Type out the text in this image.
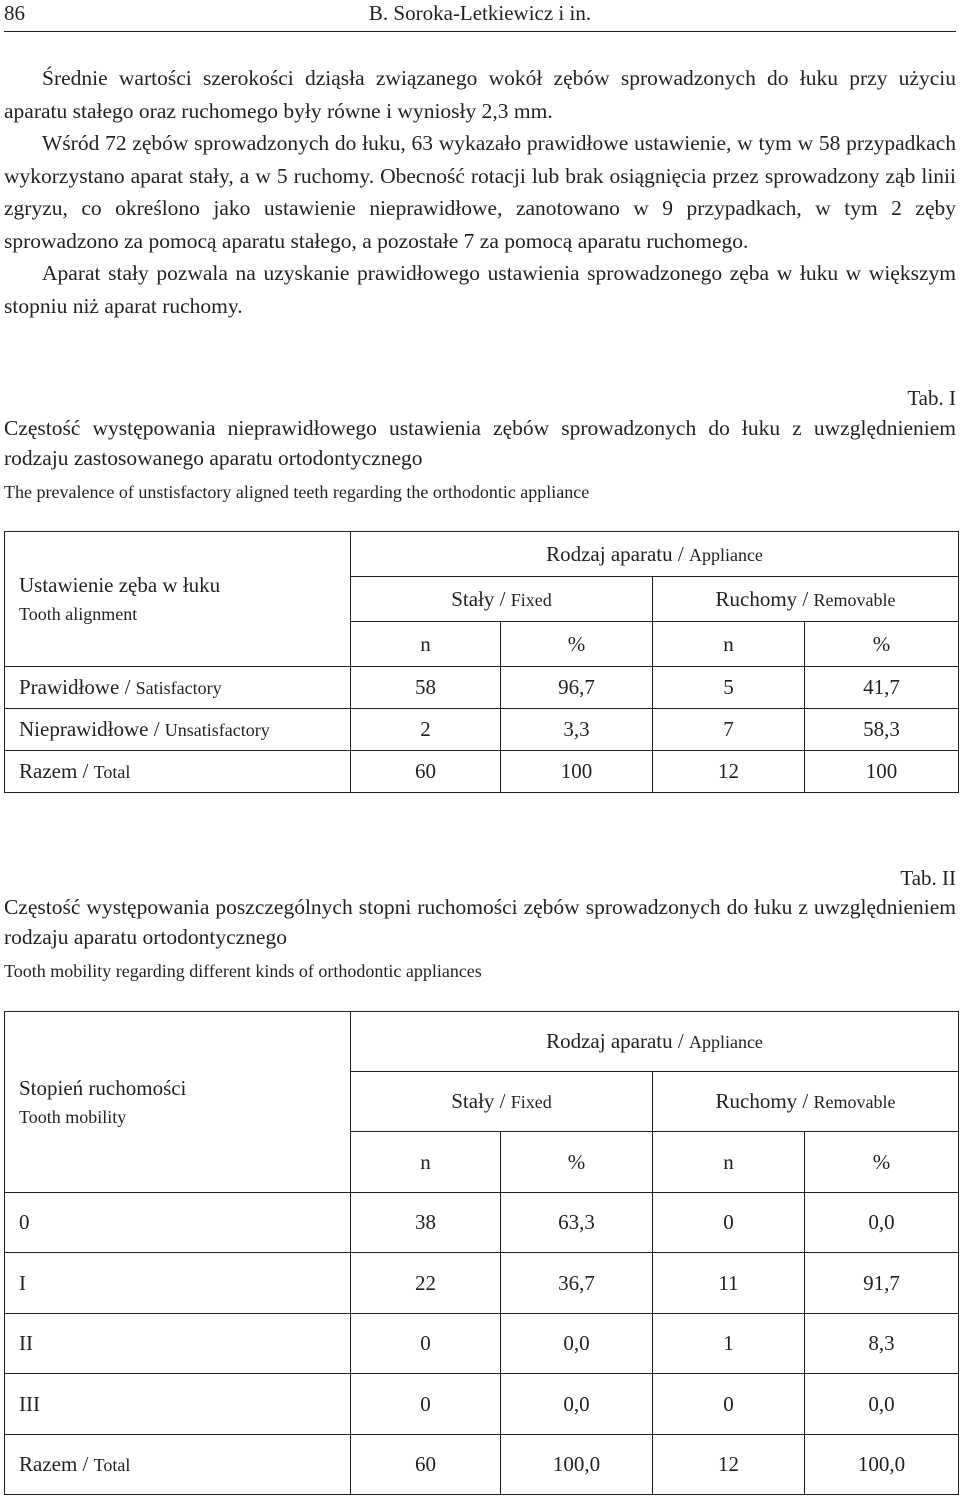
86	B. Soroka-Letkiewicz i in.

Średnie wartości szerokości dziąsła związanego wokół zębów sprowadzonych do łuku przy użyciu aparatu stałego oraz ruchomego były równe i wyniosły 2,3 mm.

Wśród 72 zębów sprowadzonych do łuku, 63 wykazało prawidłowe ustawienie, w tym w 58 przypadkach wykorzystano aparat stały, a w 5 ruchomy. Obecność rotacji lub brak osiągnięcia przez sprowadzony ząb linii zgryzu, co określono jako ustawienie nieprawidłowe, zanotowano w 9 przypadkach, w tym 2 zęby sprowadzono za pomocą aparatu stałego, a pozostałe 7 za pomocą aparatu ruchomego.

Aparat stały pozwala na uzyskanie prawidłowego ustawienia sprowadzonego zęba w łuku w większym stopniu niż aparat ruchomy.

Tab. I

Częstość występowania nieprawidłowego ustawienia zębów sprowadzonych do łuku z uwzględnieniem rodzaju zastosowanego aparatu ortodontycznego

The prevalence of unstisfactory aligned teeth regarding the orthodontic appliance

Ustawienie zęba w łuku
Tooth alignment	Rodzaj aparatu / Appliance			
	Stały / Fixed		Ruchomy / Removable	
	n	%	n	%
Prawidłowe / Satisfactory	58	96,7	5	41,7
Nieprawidłowe / Unsatisfactory	2	3,3	7	58,3
Razem / Total	60	100	12	100
Tab. II

Częstość występowania poszczególnych stopni ruchomości zębów sprowadzonych do łuku z uwzględnieniem rodzaju aparatu ortodontycznego

Tooth mobility regarding different kinds of orthodontic appliances

Stopień ruchomości
Tooth mobility	Rodzaj aparatu / Appliance			
	Stały / Fixed		Ruchomy / Removable	
	n	%	n	%
0	38	63,3	0	0,0
I	22	36,7	11	91,7
II	0	0,0	1	8,3
III	0	0,0	0	0,0
Razem / Total	60	100,0	12	100,0
